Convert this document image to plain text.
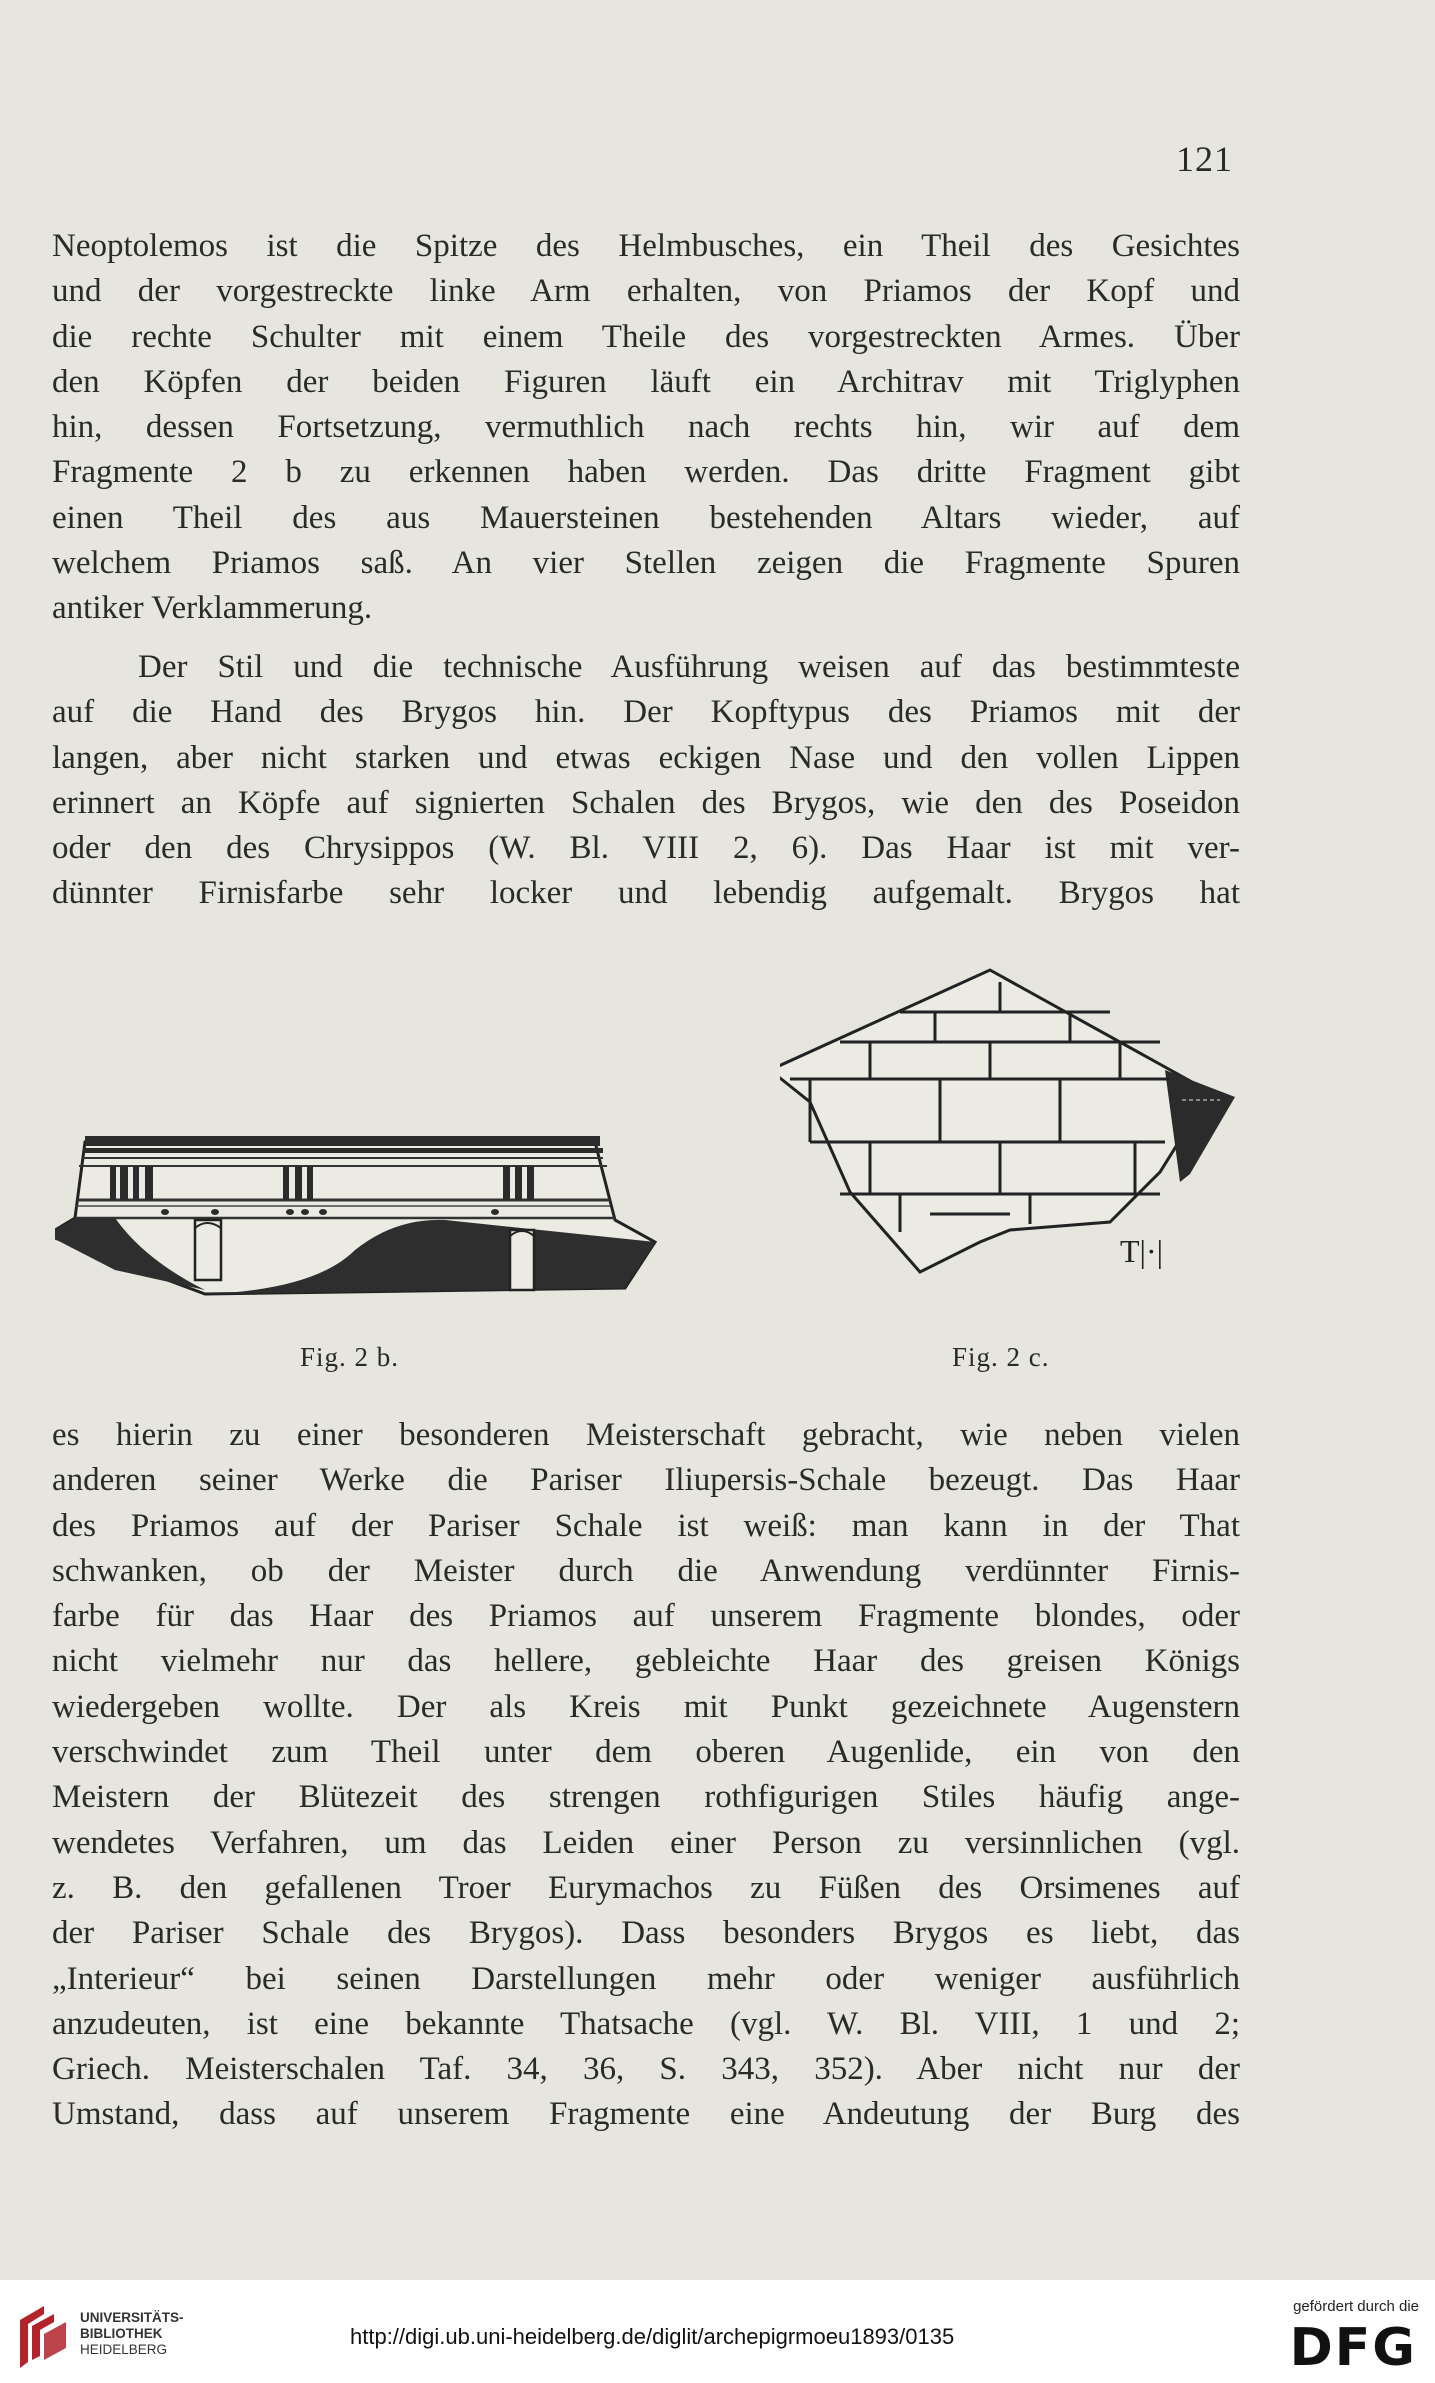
121

Neoptolemos ist die Spitze des Helmbusches, ein Theil des Gesichtes
und der vorgestreckte linke Arm erhalten, von Priamos der Kopf und
die rechte Schulter mit einem Theile des vorgestreckten Armes. Über
den Köpfen der beiden Figuren läuft ein Architrav mit Triglyphen
hin, dessen Fortsetzung, vermuthlich nach rechts hin, wir auf dem
Fragmente 2 b zu erkennen haben werden. Das dritte Fragment gibt
einen Theil des aus Mauersteinen bestehenden Altars wieder, auf
welchem Priamos saß. An vier Stellen zeigen die Fragmente Spuren
antiker Verklammerung.

Der Stil und die technische Ausführung weisen auf das bestimmteste
auf die Hand des Brygos hin. Der Kopftypus des Priamos mit der
langen, aber nicht starken und etwas eckigen Nase und den vollen Lippen
erinnert an Köpfe auf signierten Schalen des Brygos, wie den des Poseidon
oder den des Chrysippos (W. Bl. VIII 2, 6). Das Haar ist mit ver-
dünnter Firnisfarbe sehr locker und lebendig aufgemalt. Brygos hat

T|·|
Fig. 2 b.	Fig. 2 c.

es hierin zu einer besonderen Meisterschaft gebracht, wie neben vielen
anderen seiner Werke die Pariser Iliupersis-Schale bezeugt. Das Haar
des Priamos auf der Pariser Schale ist weiß: man kann in der That
schwanken, ob der Meister durch die Anwendung verdünnter Firnis-
farbe für das Haar des Priamos auf unserem Fragmente blondes, oder
nicht vielmehr nur das hellere, gebleichte Haar des greisen Königs
wiedergeben wollte. Der als Kreis mit Punkt gezeichnete Augenstern
verschwindet zum Theil unter dem oberen Augenlide, ein von den
Meistern der Blütezeit des strengen rothfigurigen Stiles häufig ange-
wendetes Verfahren, um das Leiden einer Person zu versinnlichen (vgl.
z. B. den gefallenen Troer Eurymachos zu Füßen des Orsimenes auf
der Pariser Schale des Brygos). Dass besonders Brygos es liebt, das
„Interieur“ bei seinen Darstellungen mehr oder weniger ausführlich
anzudeuten, ist eine bekannte Thatsache (vgl. W. Bl. VIII, 1 und 2;
Griech. Meisterschalen Taf. 34, 36, S. 343, 352). Aber nicht nur der
Umstand, dass auf unserem Fragmente eine Andeutung der Burg des

UNIVERSITÄTS-
BIBLIOTHEK
HEIDELBERG
http://digi.ub.uni-heidelberg.de/diglit/archepigrmoeu1893/0135
gefördert durch die
DFG
